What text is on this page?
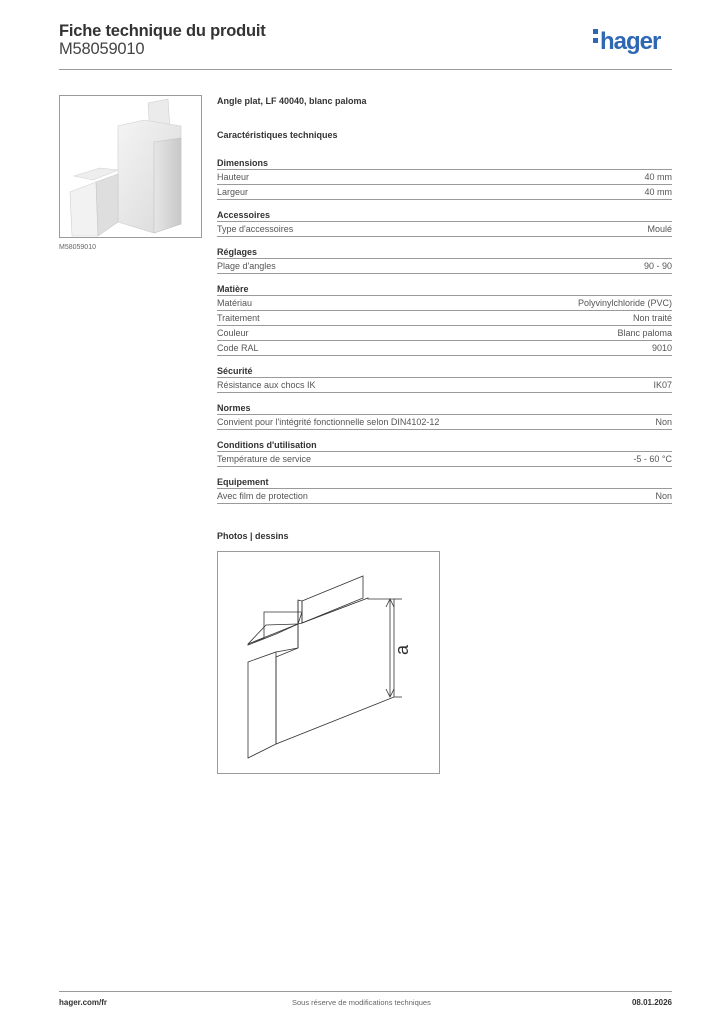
Fiche technique du produit
M58059010	hager
M58059010
Angle plat, LF 40040, blanc paloma
Caractéristiques techniques
Dimensions
Hauteur	40 mm
Largeur	40 mm
Accessoires
Type d'accessoires	Moulé
Réglages
Plage d'angles	90 - 90
Matière
Matériau	Polyvinylchloride (PVC)
Traitement	Non traité
Couleur	Blanc paloma
Code RAL	9010
Sécurité
Résistance aux chocs IK	IK07
Normes
Convient pour l'intégrité fonctionnelle selon DIN4102-12	Non
Conditions d'utilisation
Température de service	-5 - 60 °C
Equipement
Avec film de protection	Non
Photos | dessins
a
hager.com/fr	Sous réserve de modifications techniques	08.01.2026
